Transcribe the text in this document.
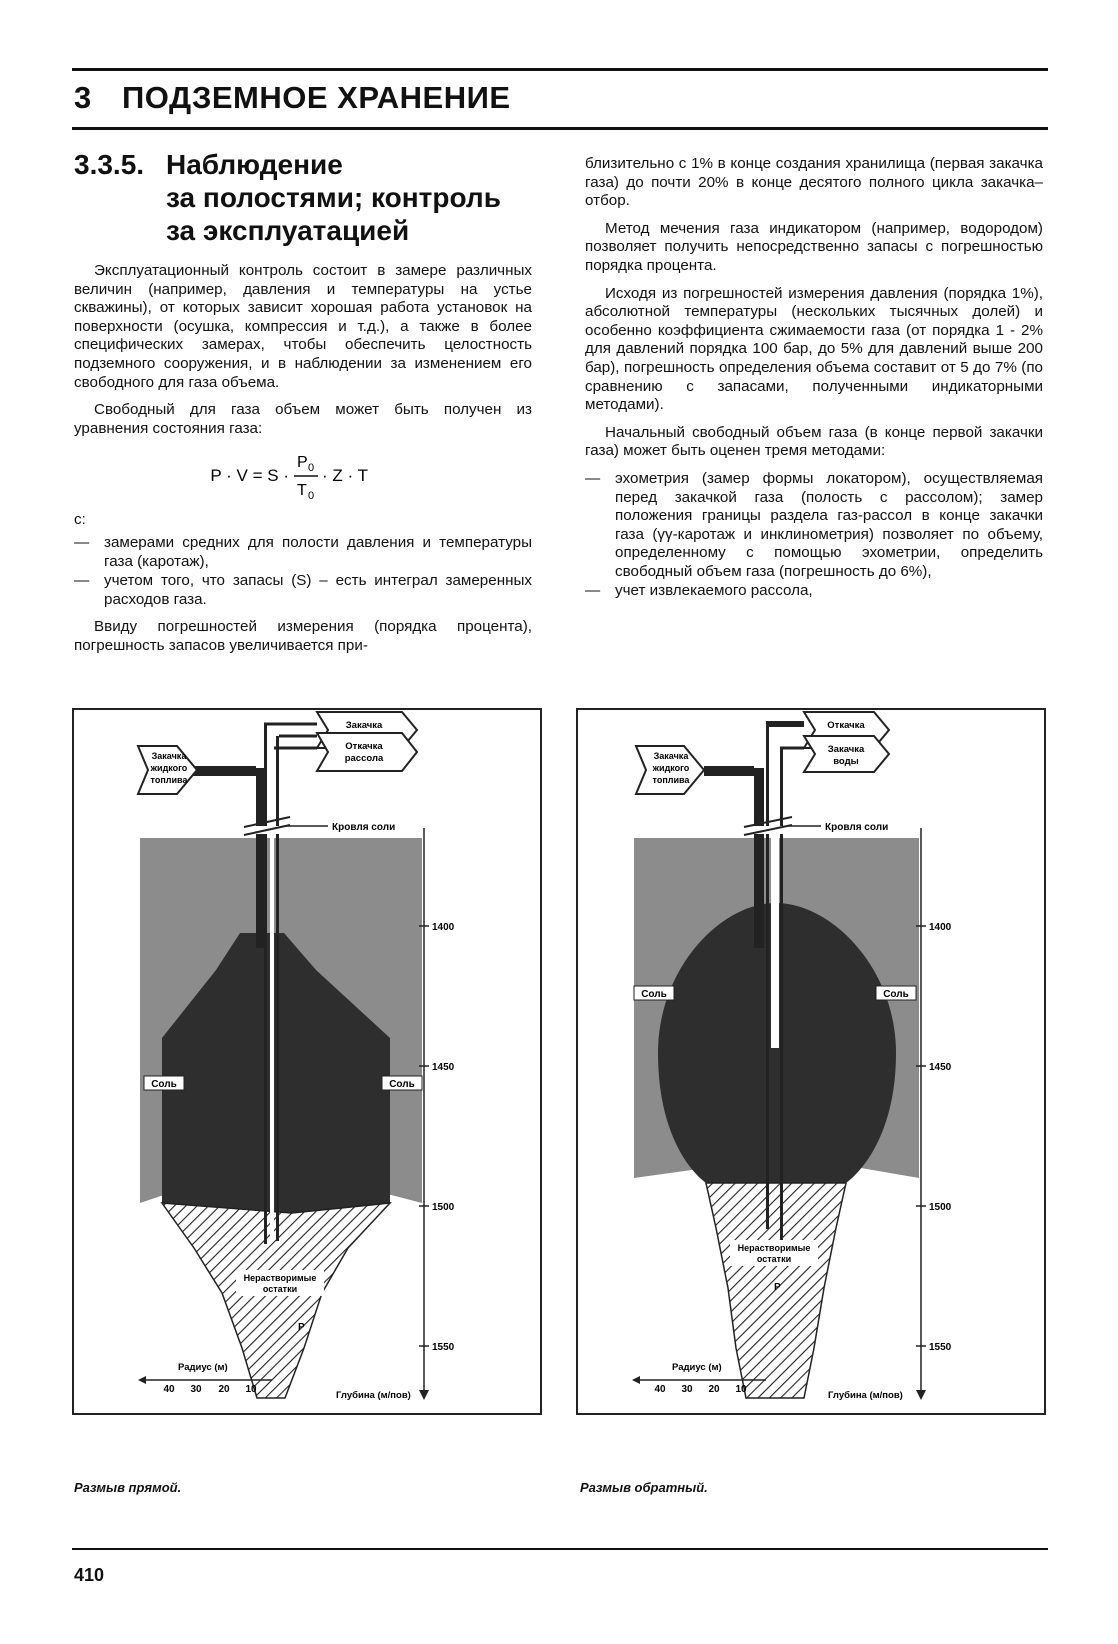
3 ПОДЗЕМНОЕ ХРАНЕНИЕ
3.3.5. Наблюдение
за полостями; контроль
за эксплуатацией

Эксплуатационный контроль состоит в замере различных величин (например, давления и температуры на устье скважины), от которых зависит хорошая работа установок на поверхности (осушка, компрессия и т.д.), а также в более специфических замерах, чтобы обеспечить целостность подземного сооружения, и в наблюдении за изменением его свободного для газа объема.

Свободный для газа объем может быть получен из уравнения состояния газа:

P · V = S ·
P 0
T 0
· Z · T
с:
— замерами средних для полости давления и температуры газа (каротаж),
— учетом того, что запасы (S) – есть интеграл замеренных расходов газа.

Ввиду погрешностей измерения (порядка процента), погрешность запасов увеличивается при-

близительно с 1% в конце создания хранилища (первая закачка газа) до почти 20% в конце десятого полного цикла закачка–отбор.

Метод мечения газа индикатором (например, водородом) позволяет получить непосредственно запасы с погрешностью порядка процента.

Исходя из погрешностей измерения давления (порядка 1%), абсолютной температуры (нескольких тысячных долей) и особенно коэффициента сжимаемости газа (от порядка 1 - 2% для давлений порядка 100 бар, до 5% для давлений выше 200 бар), погрешность определения объема составит от 5 до 7% (по сравнению с запасами, полученными индикаторными методами).

Начальный свободный объем газа (в конце первой закачки газа) может быть оценен тремя методами:

— эхометрия (замер формы локатором), осуществляемая перед закачкой газа (полость с рассолом); замер положения границы раздела газ-рассол в конце закачки газа (γγ-каротаж и инклинометрия) позволяет по объему, определенному с помощью эхометрии, определить свободный объем газа (погрешность до 6%),
— учет извлекаемого рассола,
Закачка
Откачка
рассола
Закачка
жидкого
топлива
Кровля соли
Соль	Соль
Нерастворимые
остатки
P
1400
1450
1500
1550
Радиус (м)
40 30 20 10
Глубина (м/пов)
Откачка
Закачка
воды
Закачка
жидкого
топлива
Кровля соли
Соль	Соль
Нерастворимые
остатки
P
1400
1450
1500
1550
Радиус (м)
40 30 20 10
Глубина (м/пов)
Размыв прямой.	Размыв обратный.
410
